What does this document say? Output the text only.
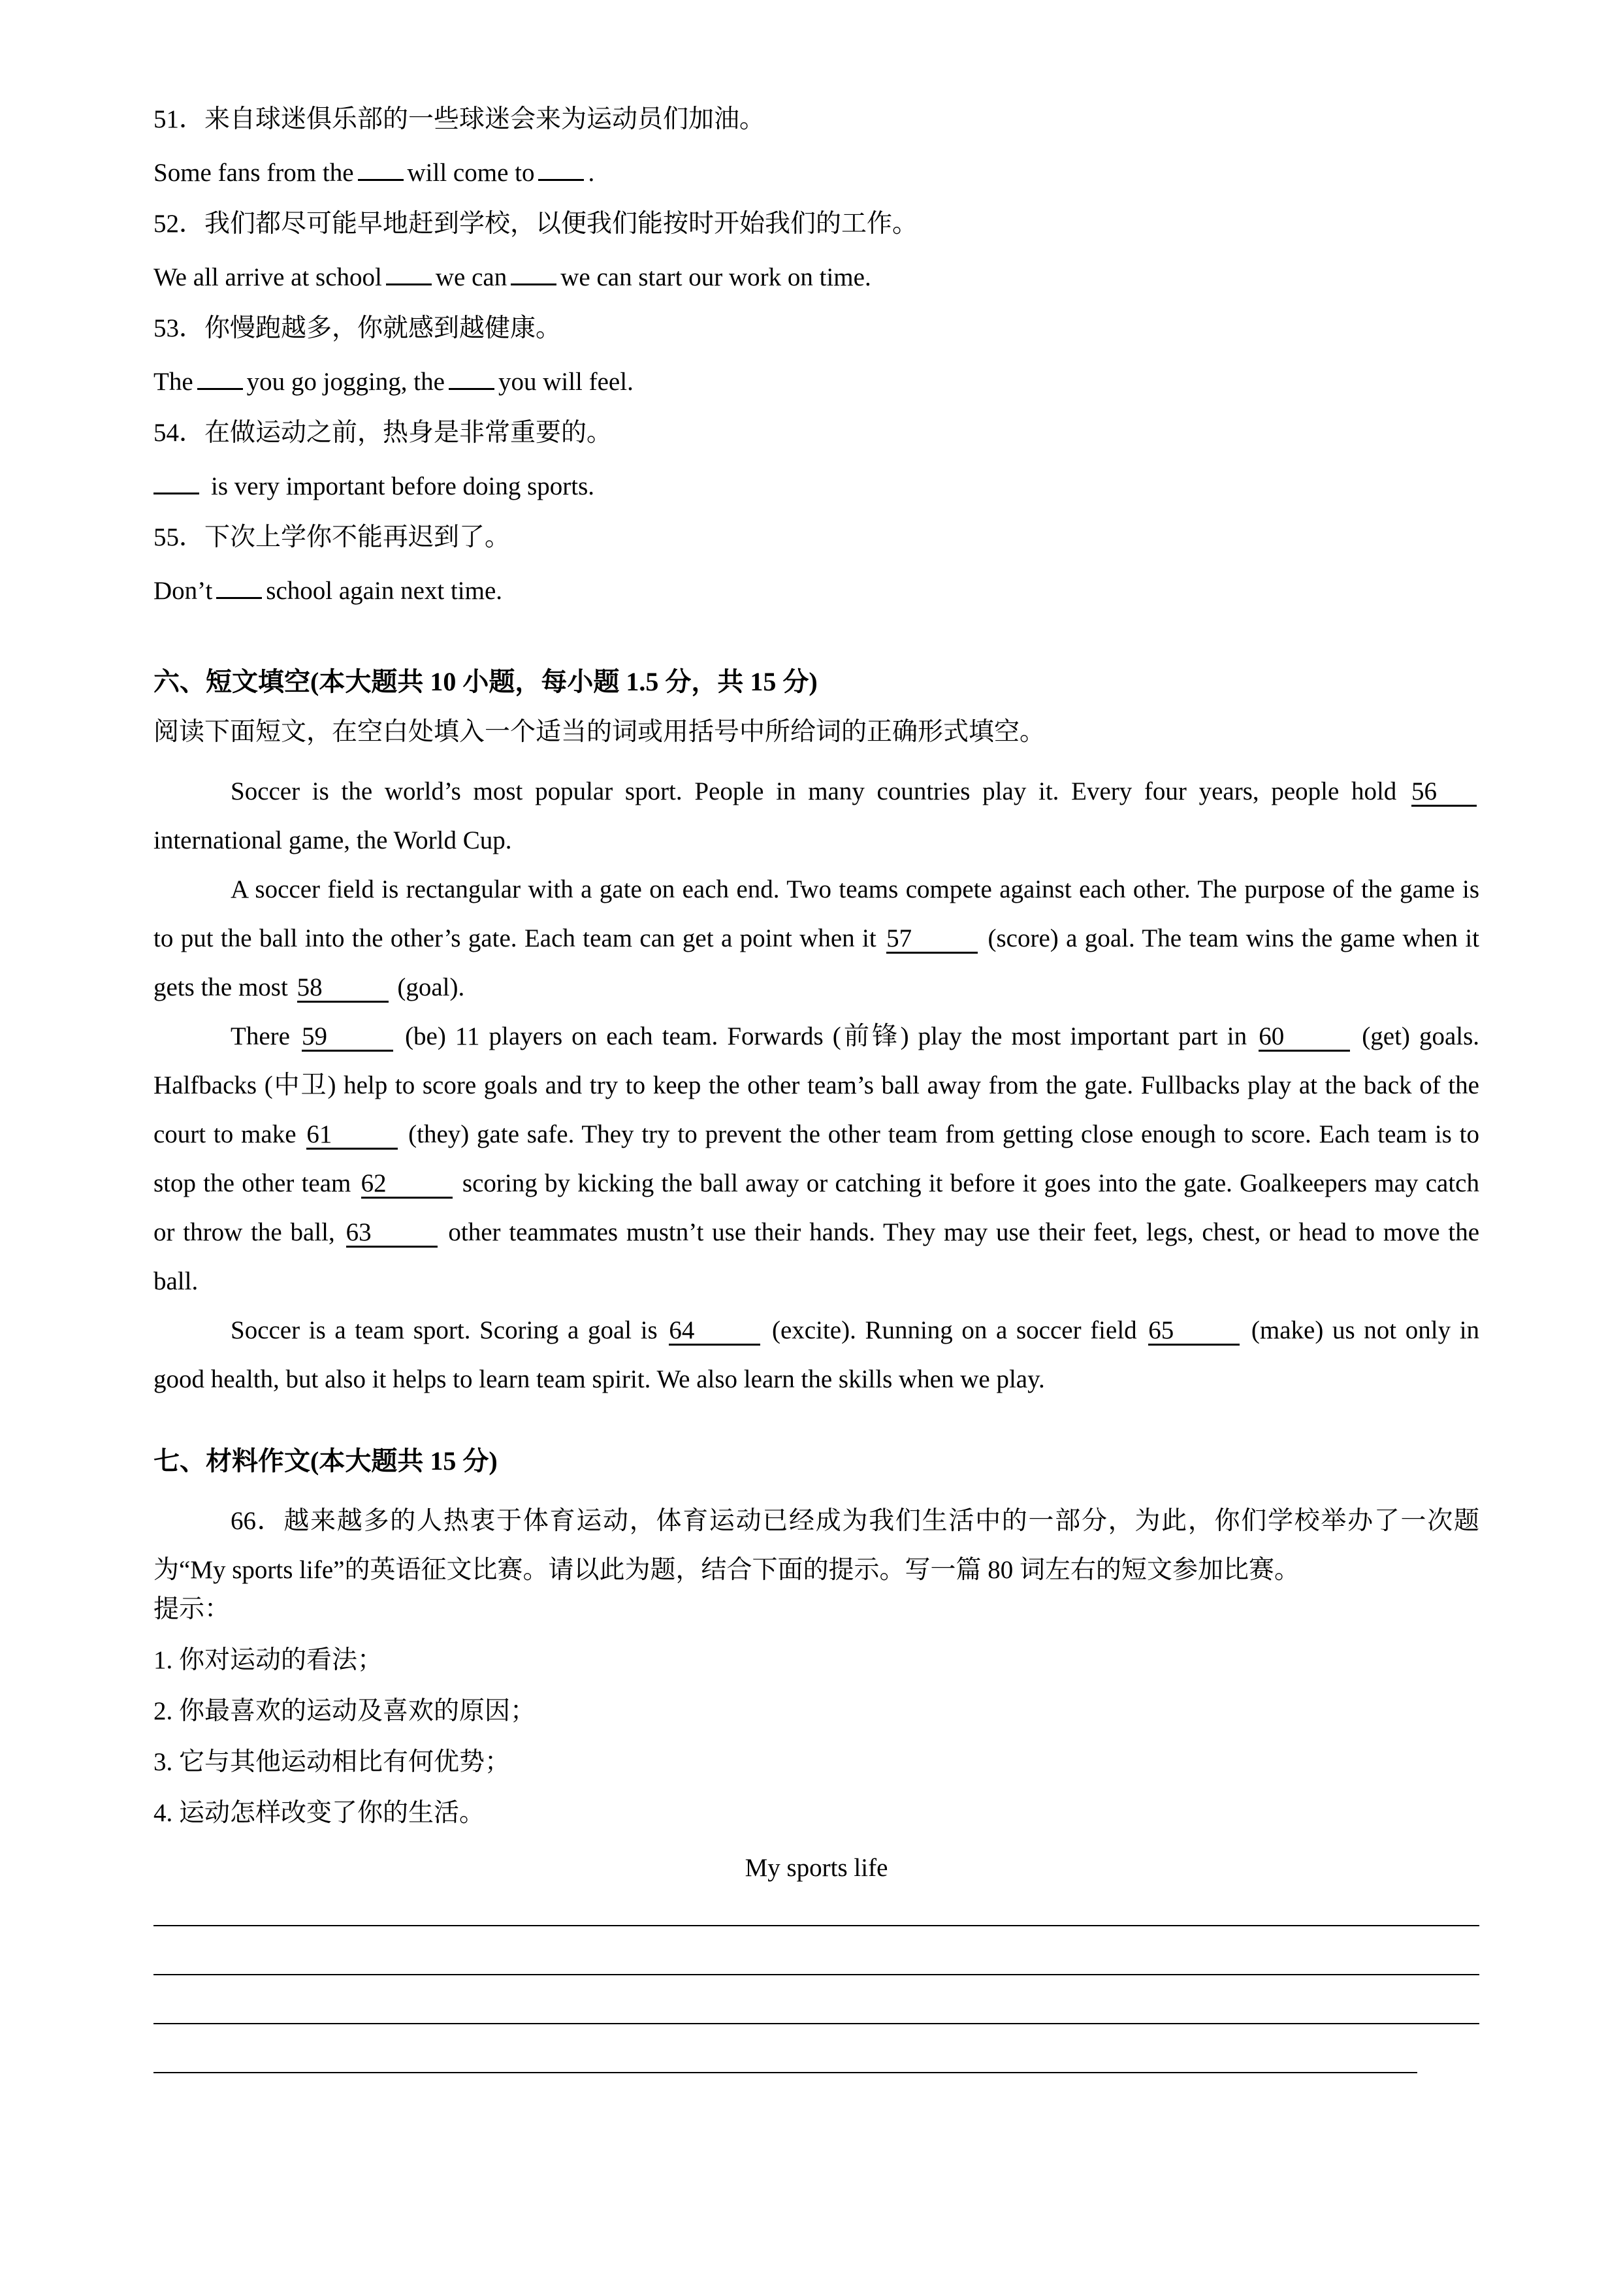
51．来自球迷俱乐部的一些球迷会来为运动员们加油。
Some fans from the will come to .
52．我们都尽可能早地赶到学校，以便我们能按时开始我们的工作。
We all arrive at school we can we can start our work on time.
53．你慢跑越多，你就感到越健康。
The you go jogging, the you will feel.
54．在做运动之前，热身是非常重要的。
is very important before doing sports.
55．下次上学你不能再迟到了。
Don’t school again next time.
六、短文填空(本大题共 10 小题，每小题 1.5 分，共 15 分)
阅读下面短文，在空白处填入一个适当的词或用括号中所给词的正确形式填空。
Soccer is the world’s most popular sport. People in many countries play it. Every four years, people hold 56 international game, the World Cup.
A soccer field is rectangular with a gate on each end. Two teams compete against each other. The purpose of the game is to put the ball into the other’s gate. Each team can get a point when it 57	(score) a goal. The team wins the game when it gets the most 58	(goal).
There 59	(be) 11 players on each team. Forwards (前锋) play the most important part in 60	(get) goals. Halfbacks (中卫) help to score goals and try to keep the other team’s ball away from the gate. Fullbacks play at the back of the court to make 61	(they) gate safe. They try to prevent the other team from getting close enough to score. Each team is to stop the other team 62	scoring by kicking the ball away or catching it before it goes into the gate. Goalkeepers may catch or throw the ball, 63	other teammates mustn’t use their hands. They may use their feet, legs, chest, or head to move the ball.
Soccer is a team sport. Scoring a goal is 64	(excite). Running on a soccer field 65	(make) us not only in good health, but also it helps to learn team spirit. We also learn the skills when we play.
七、材料作文(本大题共 15 分)
66．越来越多的人热衷于体育运动，体育运动已经成为我们生活中的一部分，为此，你们学校举办了一次题为“My sports life”的英语征文比赛。请以此为题，结合下面的提示。写一篇 80 词左右的短文参加比赛。
提示：
1. 你对运动的看法；
2. 你最喜欢的运动及喜欢的原因；
3. 它与其他运动相比有何优势；
4. 运动怎样改变了你的生活。
My sports life
